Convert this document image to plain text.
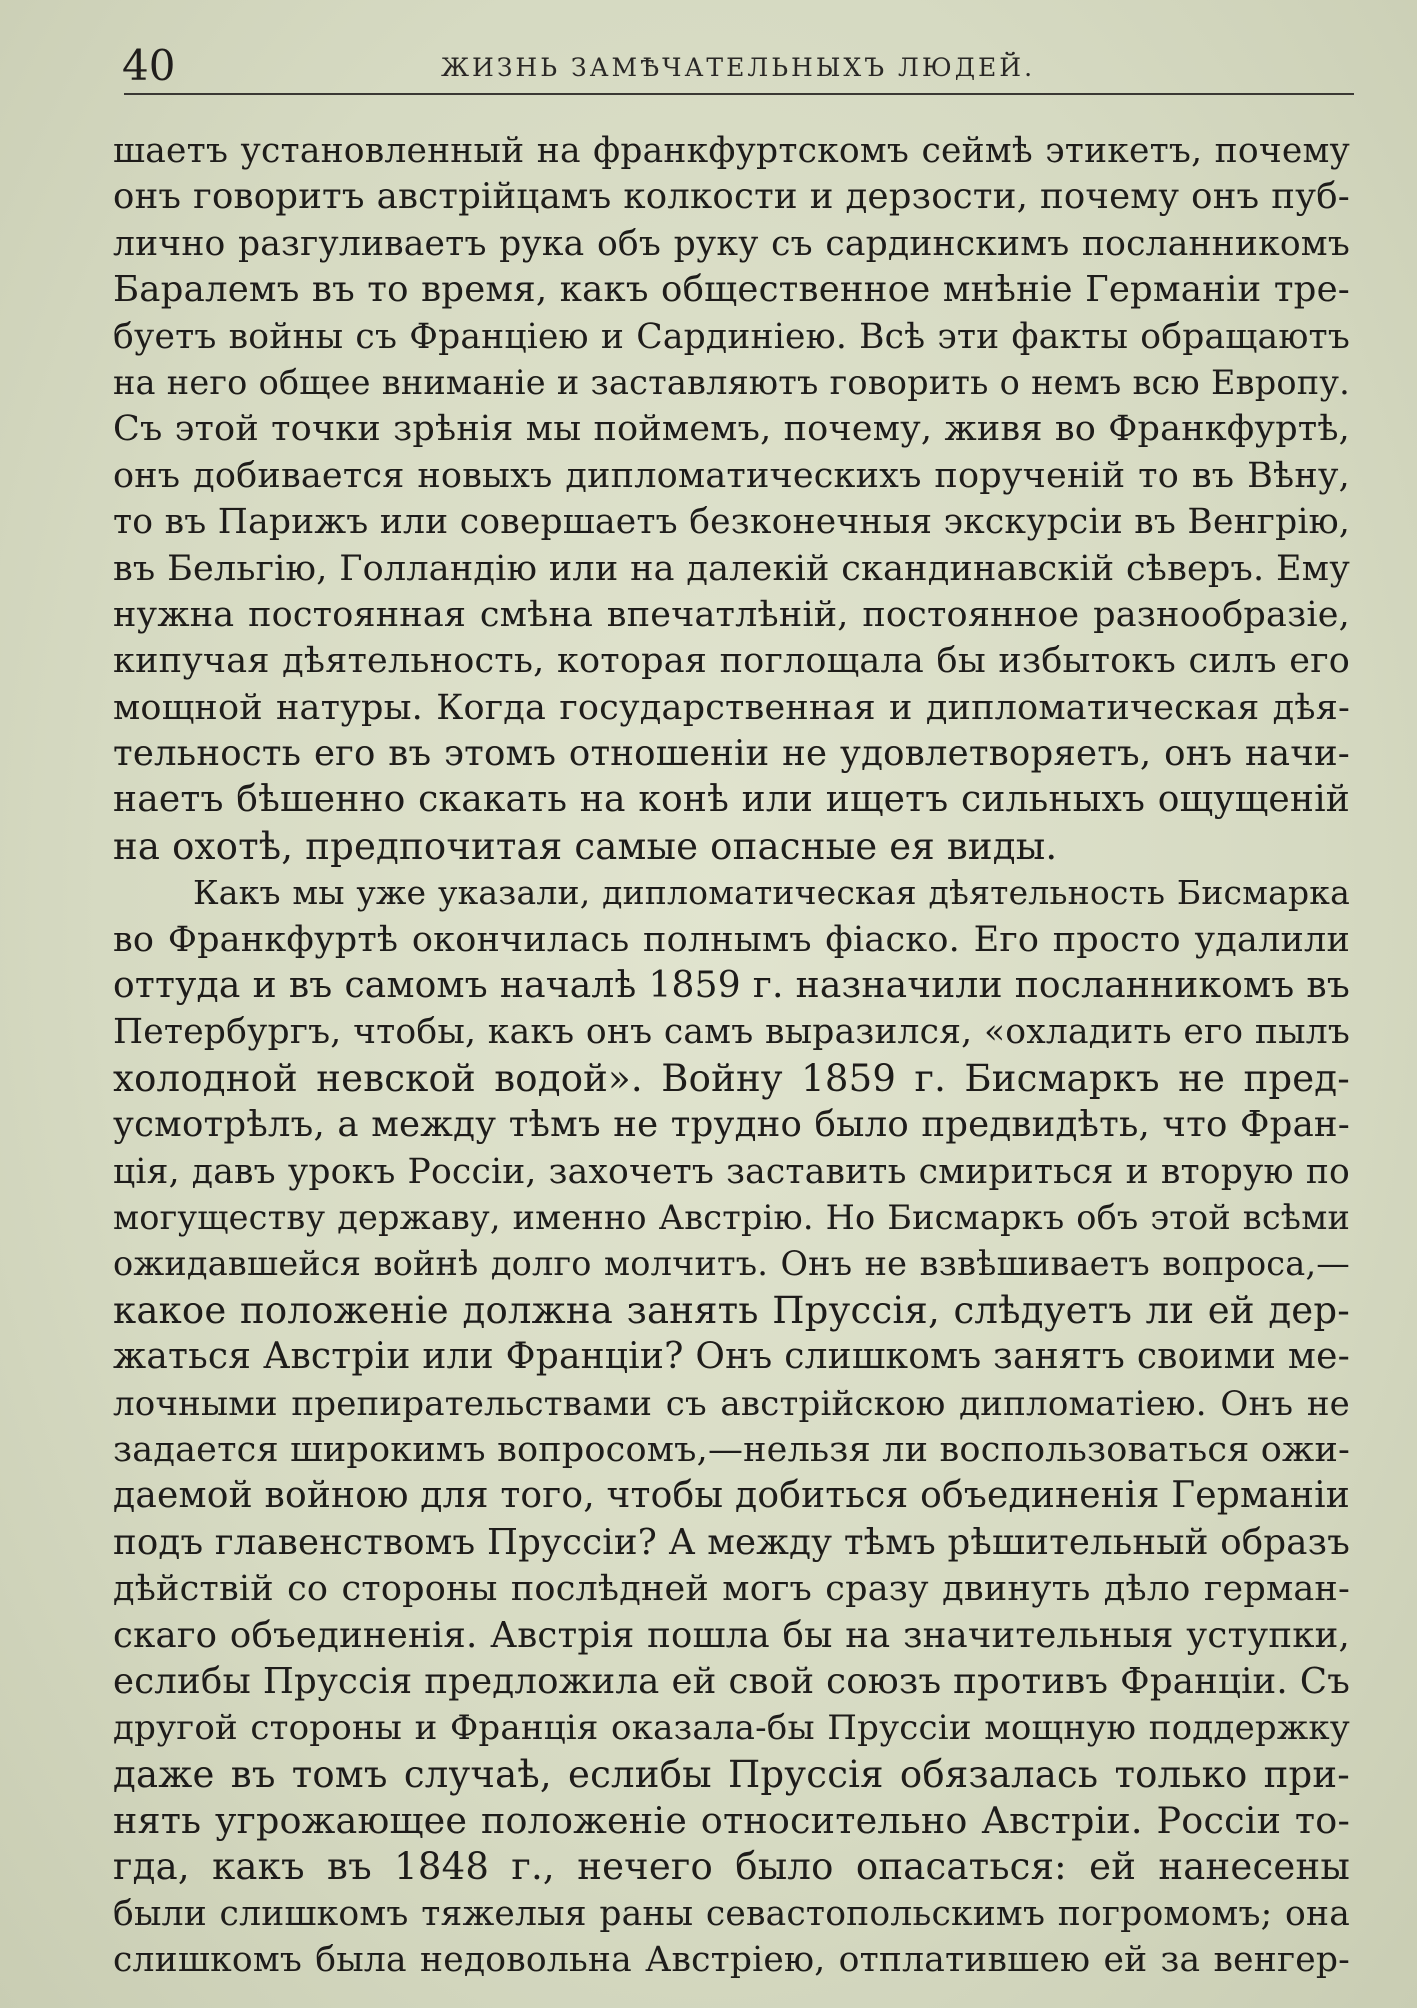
40	ЖИЗНЬ ЗАМѢЧАТЕЛЬНЫХЪ ЛЮДЕЙ.
шаетъ установленный на франкфуртскомъ сеймѣ этикетъ, почему
онъ говоритъ австрійцамъ колкости и дерзости, почему онъ пуб-
лично разгуливаетъ рука объ руку съ сардинскимъ посланникомъ
Баралемъ въ то время, какъ общественное мнѣніе Германіи тре-
буетъ войны съ Франціею и Сардиніею. Всѣ эти факты обращаютъ
на него общее вниманіе и заставляютъ говорить о немъ всю Европу.
Съ этой точки зрѣнія мы поймемъ, почему, живя во Франкфуртѣ,
онъ добивается новыхъ дипломатическихъ порученій то въ Вѣну,
то въ Парижъ или совершаетъ безконечныя экскурсіи въ Венгрію,
въ Бельгію, Голландію или на далекій скандинавскій сѣверъ. Ему
нужна постоянная смѣна впечатлѣній, постоянное разнообразіе,
кипучая дѣятельность, которая поглощала бы избытокъ силъ его
мощной натуры. Когда государственная и дипломатическая дѣя-
тельность его въ этомъ отношеніи не удовлетворяетъ, онъ начи-
наетъ бѣшенно скакать на конѣ или ищетъ сильныхъ ощущеній
на охотѣ, предпочитая самые опасные ея виды.
Какъ мы уже указали, дипломатическая дѣятельность Бисмарка
во Франкфуртѣ окончилась полнымъ фіаско. Его просто удалили
оттуда и въ самомъ началѣ 1859 г. назначили посланникомъ въ
Петербургъ, чтобы, какъ онъ самъ выразился, «охладить его пылъ
холодной невской водой». Войну 1859 г. Бисмаркъ не пред-
усмотрѣлъ, а между тѣмъ не трудно было предвидѣть, что Фран-
ція, давъ урокъ Россіи, захочетъ заставить смириться и вторую по
могуществу державу, именно Австрію. Но Бисмаркъ объ этой всѣми
ожидавшейся войнѣ долго молчитъ. Онъ не взвѣшиваетъ вопроса,—
какое положеніе должна занять Пруссія, слѣдуетъ ли ей дер-
жаться Австріи или Франціи? Онъ слишкомъ занятъ своими ме-
лочными препирательствами съ австрійскою дипломатіею. Онъ не
задается широкимъ вопросомъ,—нельзя ли воспользоваться ожи-
даемой войною для того, чтобы добиться объединенія Германіи
подъ главенствомъ Пруссіи? А между тѣмъ рѣшительный образъ
дѣйствій со стороны послѣдней могъ сразу двинуть дѣло герман-
скаго объединенія. Австрія пошла бы на значительныя уступки,
еслибы Пруссія предложила ей свой союзъ противъ Франціи. Съ
другой стороны и Франція оказала-бы Пруссіи мощную поддержку
даже въ томъ случаѣ, еслибы Пруссія обязалась только при-
нять угрожающее положеніе относительно Австріи. Россіи то-
гда, какъ въ 1848 г., нечего было опасаться: ей нанесены
были слишкомъ тяжелыя раны севастопольскимъ погромомъ; она
слишкомъ была недовольна Австріею, отплатившею ей за венгер-
